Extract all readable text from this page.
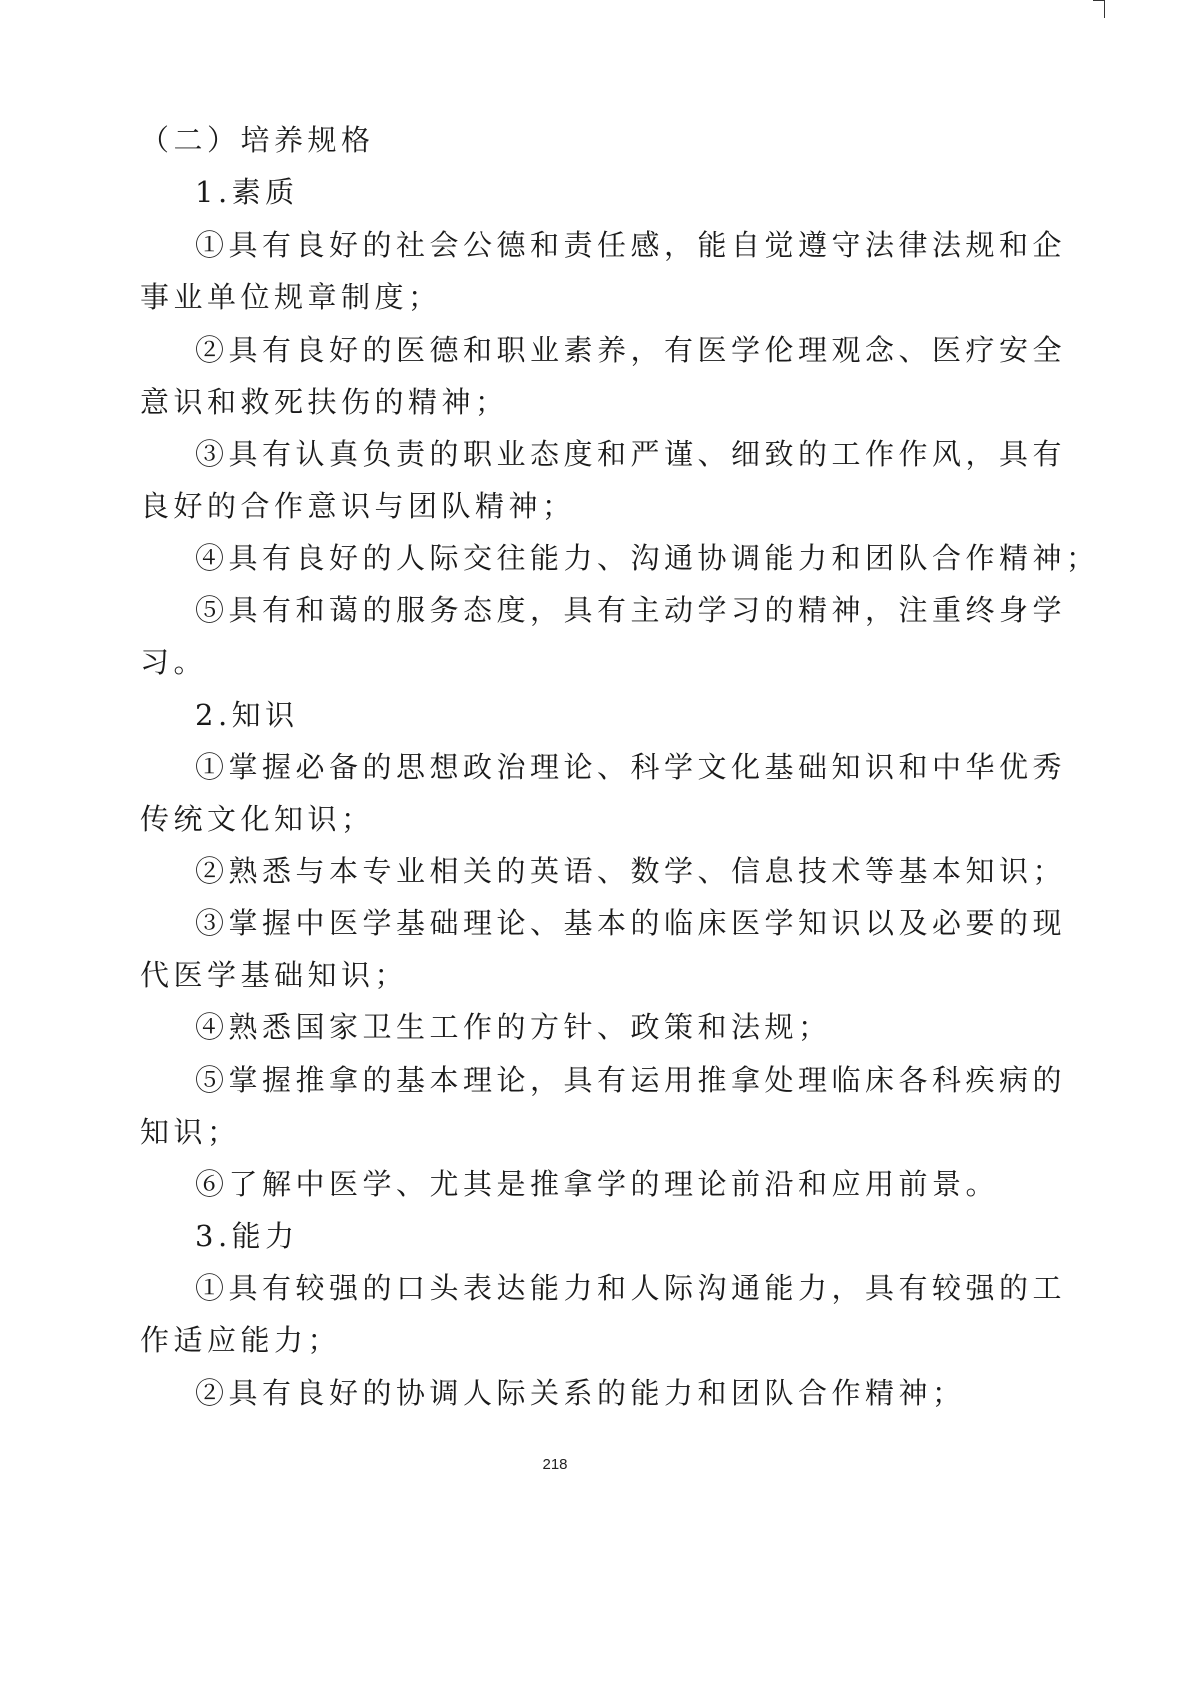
（二）培养规格

1.素质

①具有良好的社会公德和责任感，能自觉遵守法律法规和企

事业单位规章制度；

②具有良好的医德和职业素养，有医学伦理观念、医疗安全

意识和救死扶伤的精神；

③具有认真负责的职业态度和严谨、细致的工作作风，具有

良好的合作意识与团队精神；

④具有良好的人际交往能力、沟通协调能力和团队合作精神；

⑤具有和蔼的服务态度，具有主动学习的精神，注重终身学

习。

2.知识

①掌握必备的思想政治理论、科学文化基础知识和中华优秀

传统文化知识；

②熟悉与本专业相关的英语、数学、信息技术等基本知识；

③掌握中医学基础理论、基本的临床医学知识以及必要的现

代医学基础知识；

④熟悉国家卫生工作的方针、政策和法规；

⑤掌握推拿的基本理论，具有运用推拿处理临床各科疾病的

知识；

⑥了解中医学、尤其是推拿学的理论前沿和应用前景。

3.能力

①具有较强的口头表达能力和人际沟通能力，具有较强的工

作适应能力；

②具有良好的协调人际关系的能力和团队合作精神；

218
